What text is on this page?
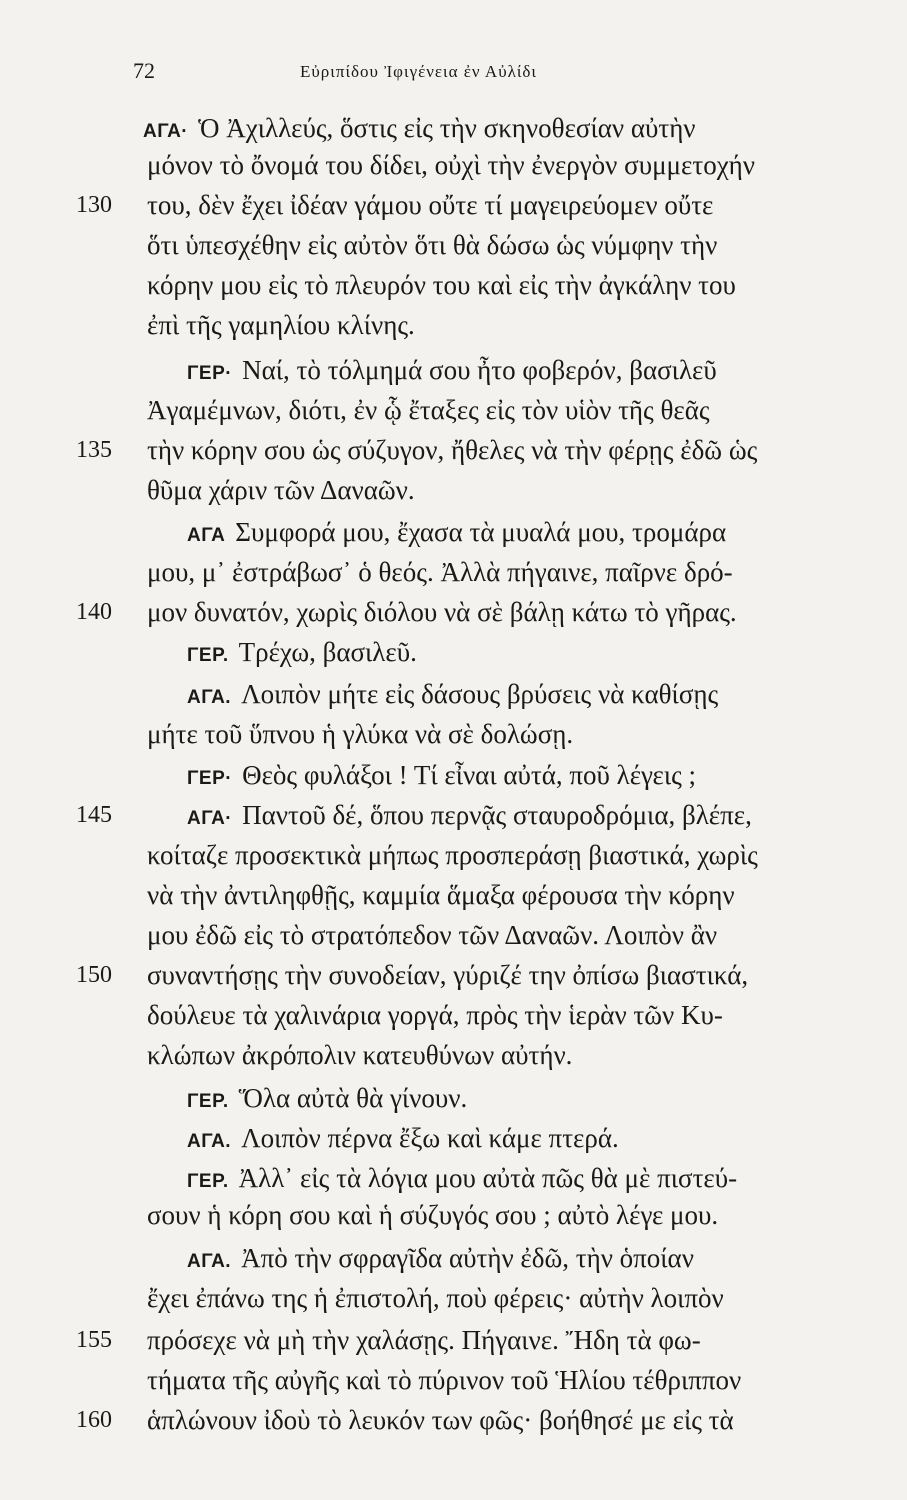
72	Εὐριπίδου Ἰφιγένεια ἐν Αὐλίδι
ΑΓΑ· Ὁ Ἀχιλλεύς, ὅστις εἰς τὴν σκηνοθεσίαν αὐτὴν
μόνον τὸ ὄνομά του δίδει, οὐχὶ τὴν ἐνεργὸν συμμετοχήν
του, δὲν ἔχει ἰδέαν γάμου οὔτε τί μαγειρεύομεν οὔτε
ὅτι ὑπεσχέθην εἰς αὐτὸν ὅτι θὰ δώσω ὡς νύμφην τὴν
κόρην μου εἰς τὸ πλευρόν του καὶ εἰς τὴν ἀγκάλην του
ἐπὶ τῆς γαμηλίου κλίνης.
ΓΕΡ· Ναί, τὸ τόλμημά σου ἦτο φοβερόν, βασιλεῦ
Ἀγαμέμνων, διότι, ἐν ᾧ ἔταξες εἰς τὸν υἱὸν τῆς θεᾶς
τὴν κόρην σου ὡς σύζυγον, ἤθελες νὰ τὴν φέρῃς ἐδῶ ὡς
θῦμα χάριν τῶν Δαναῶν.
ΑΓΑ Συμφορά μου, ἔχασα τὰ μυαλά μου, τρομάρα
μου, μ᾿ ἐστράβωσ᾿ ὁ θεός. Ἀλλὰ πήγαινε, παῖρνε δρό-
μον δυνατόν, χωρὶς διόλου νὰ σὲ βάλῃ κάτω τὸ γῆρας.
ΓΕΡ. Τρέχω, βασιλεῦ.
ΑΓΑ. Λοιπὸν μήτε εἰς δάσους βρύσεις νὰ καθίσῃς
μήτε τοῦ ὕπνου ἡ γλύκα νὰ σὲ δολώσῃ.
ΓΕΡ· Θεὸς φυλάξοι ! Τί εἶναι αὐτά, ποῦ λέγεις ;
ΑΓΑ· Παντοῦ δέ, ὅπου περνᾷς σταυροδρόμια, βλέπε,
κοίταζε προσεκτικὰ μήπως προσπεράσῃ βιαστικά, χωρὶς
νὰ τὴν ἀντιληφθῇς, καμμία ἅμαξα φέρουσα τὴν κόρην
μου ἐδῶ εἰς τὸ στρατόπεδον τῶν Δαναῶν. Λοιπὸν ἂν
συναντήσῃς τὴν συνοδείαν, γύριζέ την ὀπίσω βιαστικά,
δούλευε τὰ χαλινάρια γοργά, πρὸς τὴν ἱερὰν τῶν Κυ-
κλώπων ἀκρόπολιν κατευθύνων αὐτήν.
ΓΕΡ. Ὅλα αὐτὰ θὰ γίνουν.
ΑΓΑ. Λοιπὸν πέρνα ἔξω καὶ κάμε πτερά.
ΓΕΡ. Ἀλλ᾿ εἰς τὰ λόγια μου αὐτὰ πῶς θὰ μὲ πιστεύ-
σουν ἡ κόρη σου καὶ ἡ σύζυγός σου ; αὐτὸ λέγε μου.
ΑΓΑ. Ἀπὸ τὴν σφραγῖδα αὐτὴν ἐδῶ, τὴν ὁποίαν
ἔχει ἐπάνω της ἡ ἐπιστολή, ποὺ φέρεις· αὐτὴν λοιπὸν
πρόσεχε νὰ μὴ τὴν χαλάσῃς. Πήγαινε. Ἤδη τὰ φω-
τήματα τῆς αὐγῆς καὶ τὸ πύρινον τοῦ Ἡλίου τέθριππον
ἁπλώνουν ἰδοὺ τὸ λευκόν των φῶς· βοήθησέ με εἰς τὰ
130
135
140
145
150
155
160
